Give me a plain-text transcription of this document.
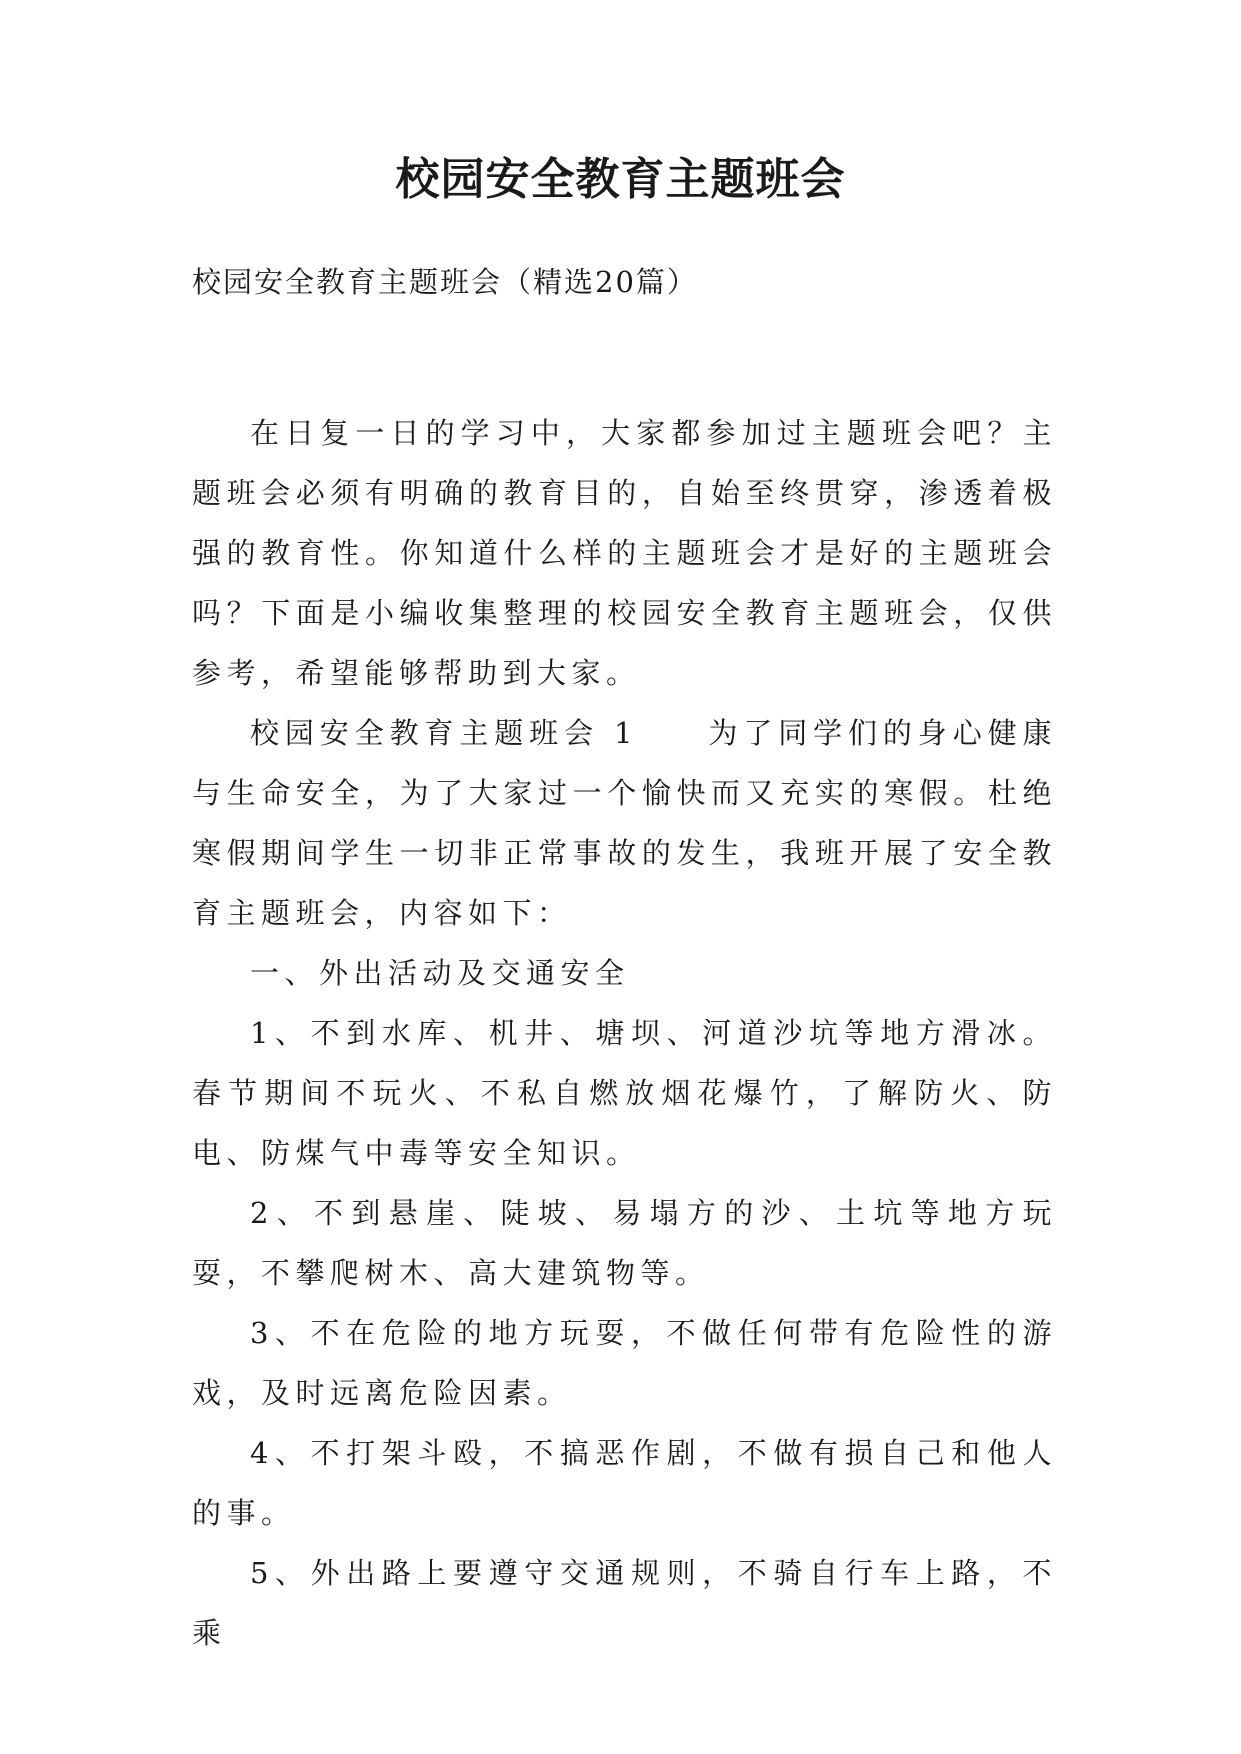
校园安全教育主题班会
校园安全教育主题班会（精选20篇）

在日复一日的学习中，大家都参加过主题班会吧？主题班会必须有明确的教育目的，自始至终贯穿，渗透着极强的教育性。你知道什么样的主题班会才是好的主题班会吗？下面是小编收集整理的校园安全教育主题班会，仅供参考，希望能够帮助到大家。

校园安全教育主题班会 1 为了同学们的身心健康与生命安全，为了大家过一个愉快而又充实的寒假。杜绝寒假期间学生一切非正常事故的发生，我班开展了安全教育主题班会，内容如下：

一、外出活动及交通安全

1、不到水库、机井、塘坝、河道沙坑等地方滑冰。春节期间不玩火、不私自燃放烟花爆竹，了解防火、防电、防煤气中毒等安全知识。

2、不到悬崖、陡坡、易塌方的沙、土坑等地方玩耍，不攀爬树木、高大建筑物等。

3、不在危险的地方玩耍，不做任何带有危险性的游戏，及时远离危险因素。

4、不打架斗殴，不搞恶作剧，不做有损自己和他人的事。

5、外出路上要遵守交通规则，不骑自行车上路，不乘
